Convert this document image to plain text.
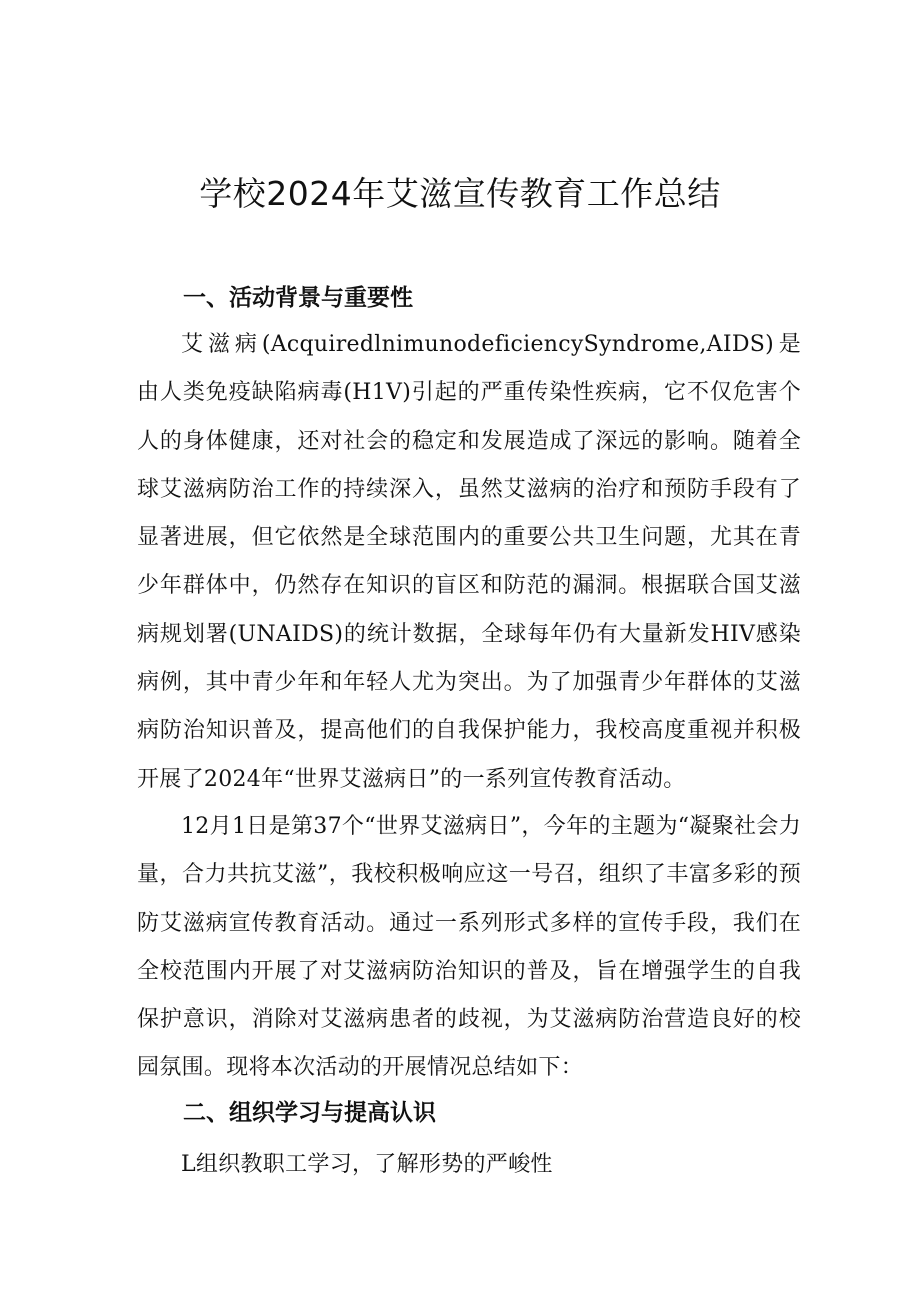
学校2024年艾滋宣传教育工作总结
一、活动背景与重要性

艾滋病(AcquiredlnimunodeficiencySyndrome,AIDS)是由人类免疫缺陷病毒(H1V)引起的严重传染性疾病，它不仅危害个人的身体健康，还对社会的稳定和发展造成了深远的影响。随着全球艾滋病防治工作的持续深入，虽然艾滋病的治疗和预防手段有了显著进展，但它依然是全球范围内的重要公共卫生问题，尤其在青少年群体中，仍然存在知识的盲区和防范的漏洞。根据联合国艾滋病规划署(UNAIDS)的统计数据，全球每年仍有大量新发HIV感染病例，其中青少年和年轻人尤为突出。为了加强青少年群体的艾滋病防治知识普及，提高他们的自我保护能力，我校高度重视并积极开展了2024年“世界艾滋病日”的一系列宣传教育活动。

12月1日是第37个“世界艾滋病日”，今年的主题为“凝聚社会力量，合力共抗艾滋”，我校积极响应这一号召，组织了丰富多彩的预防艾滋病宣传教育活动。通过一系列形式多样的宣传手段，我们在全校范围内开展了对艾滋病防治知识的普及，旨在增强学生的自我保护意识，消除对艾滋病患者的歧视，为艾滋病防治营造良好的校园氛围。现将本次活动的开展情况总结如下：

二、组织学习与提高认识

L组织教职工学习，了解形势的严峻性
